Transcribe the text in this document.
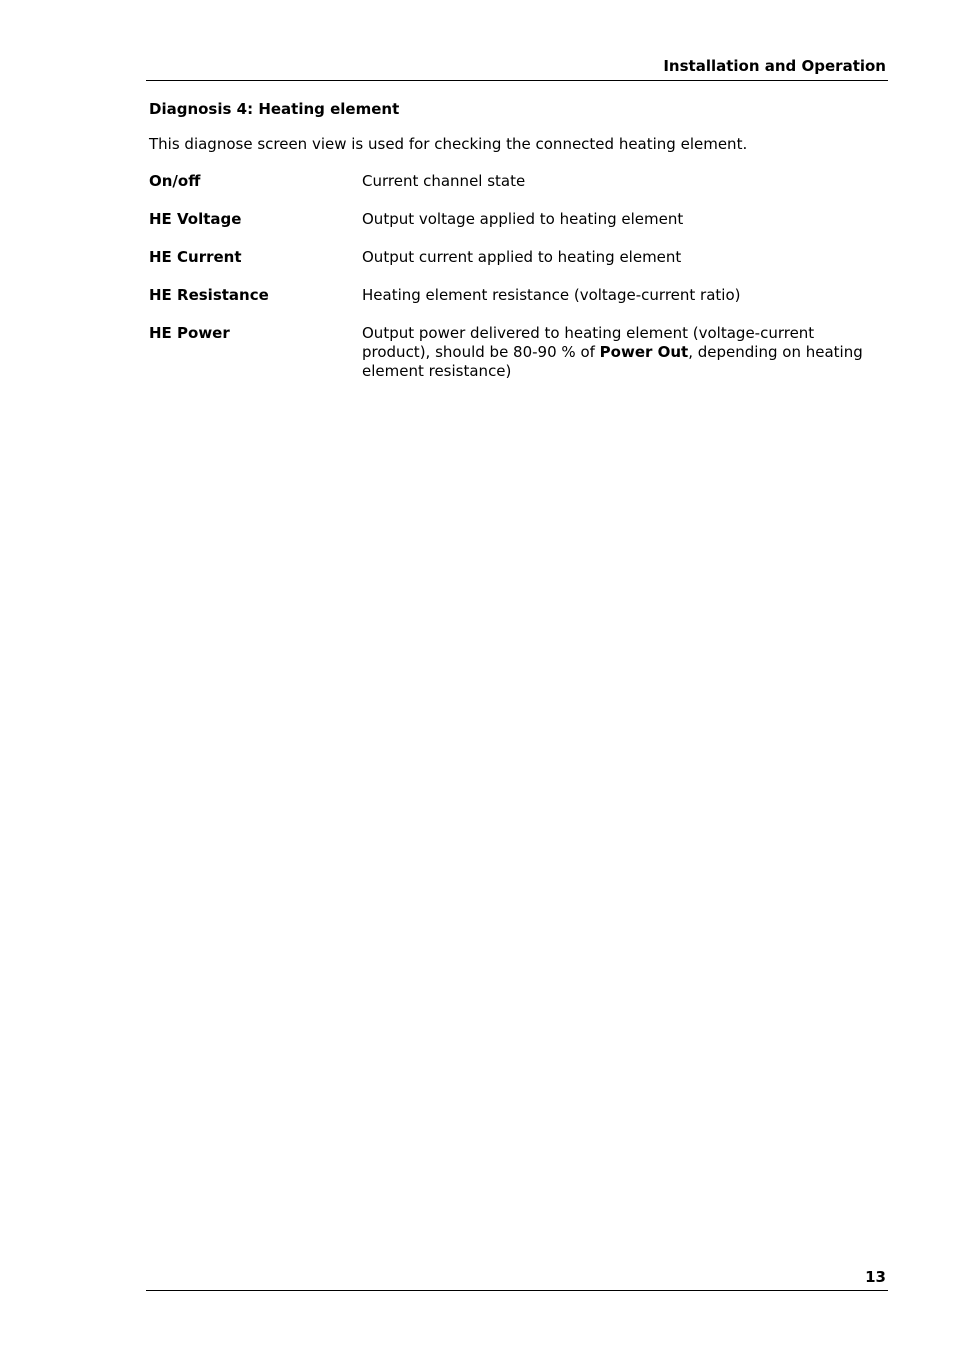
Installation and Operation
Diagnosis 4: Heating element
This diagnose screen view is used for checking the connected heating element.
On/off	Current channel state
HE Voltage	Output voltage applied to heating element
HE Current	Output current applied to heating element
HE Resistance	Heating element resistance (voltage-current ratio)
HE Power	Output power delivered to heating element (voltage-current product), should be 80-90 % of Power Out, depending on heating element resistance)
13
